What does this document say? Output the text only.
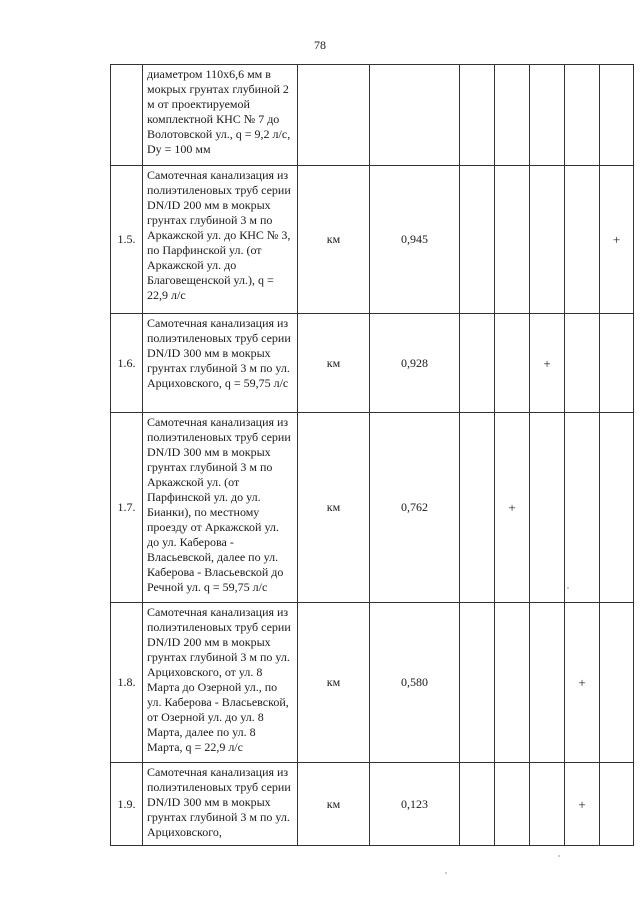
78
	диаметром 110х6,6 мм в мокрых грунтах глубиной 2 м от проектируемой комплектной КНС № 7 до Волотовской ул., q = 9,2 л/с, Dy = 100 мм							
1.5.	Самотечная канализация из полиэтиленовых труб серии DN/ID 200 мм в мокрых грунтах глубиной 3 м по Аркажской ул. до КНС № 3, по Парфинской ул. (от Аркажской ул. до Благовещенской ул.), q = 22,9 л/с	км	0,945					+
1.6.	Самотечная канализация из полиэтиленовых труб серии DN/ID 300 мм в мокрых грунтах глубиной 3 м по ул. Арциховского, q = 59,75 л/с	км	0,928			+		
1.7.	Самотечная канализация из полиэтиленовых труб серии DN/ID 300 мм в мокрых грунтах глубиной 3 м по Аркажской ул. (от Парфинской ул. до ул. Бианки), по местному проезду от Аркажской ул. до ул. Каберова - Власьевской, далее по ул. Каберова - Власьевской до Речной ул. q = 59,75 л/с	км	0,762		+			
1.8.	Самотечная канализация из полиэтиленовых труб серии DN/ID 200 мм в мокрых грунтах глубиной 3 м по ул. Арциховского, от ул. 8 Марта до Озерной ул., по ул. Каберова - Власьевской, от Озерной ул. до ул. 8 Марта, далее по ул. 8 Марта, q = 22,9 л/с	км	0,580				+	
1.9.	Самотечная канализация из полиэтиленовых труб серии DN/ID 300 мм в мокрых грунтах глубиной 3 м по ул. Арциховского,	км	0,123				+	
